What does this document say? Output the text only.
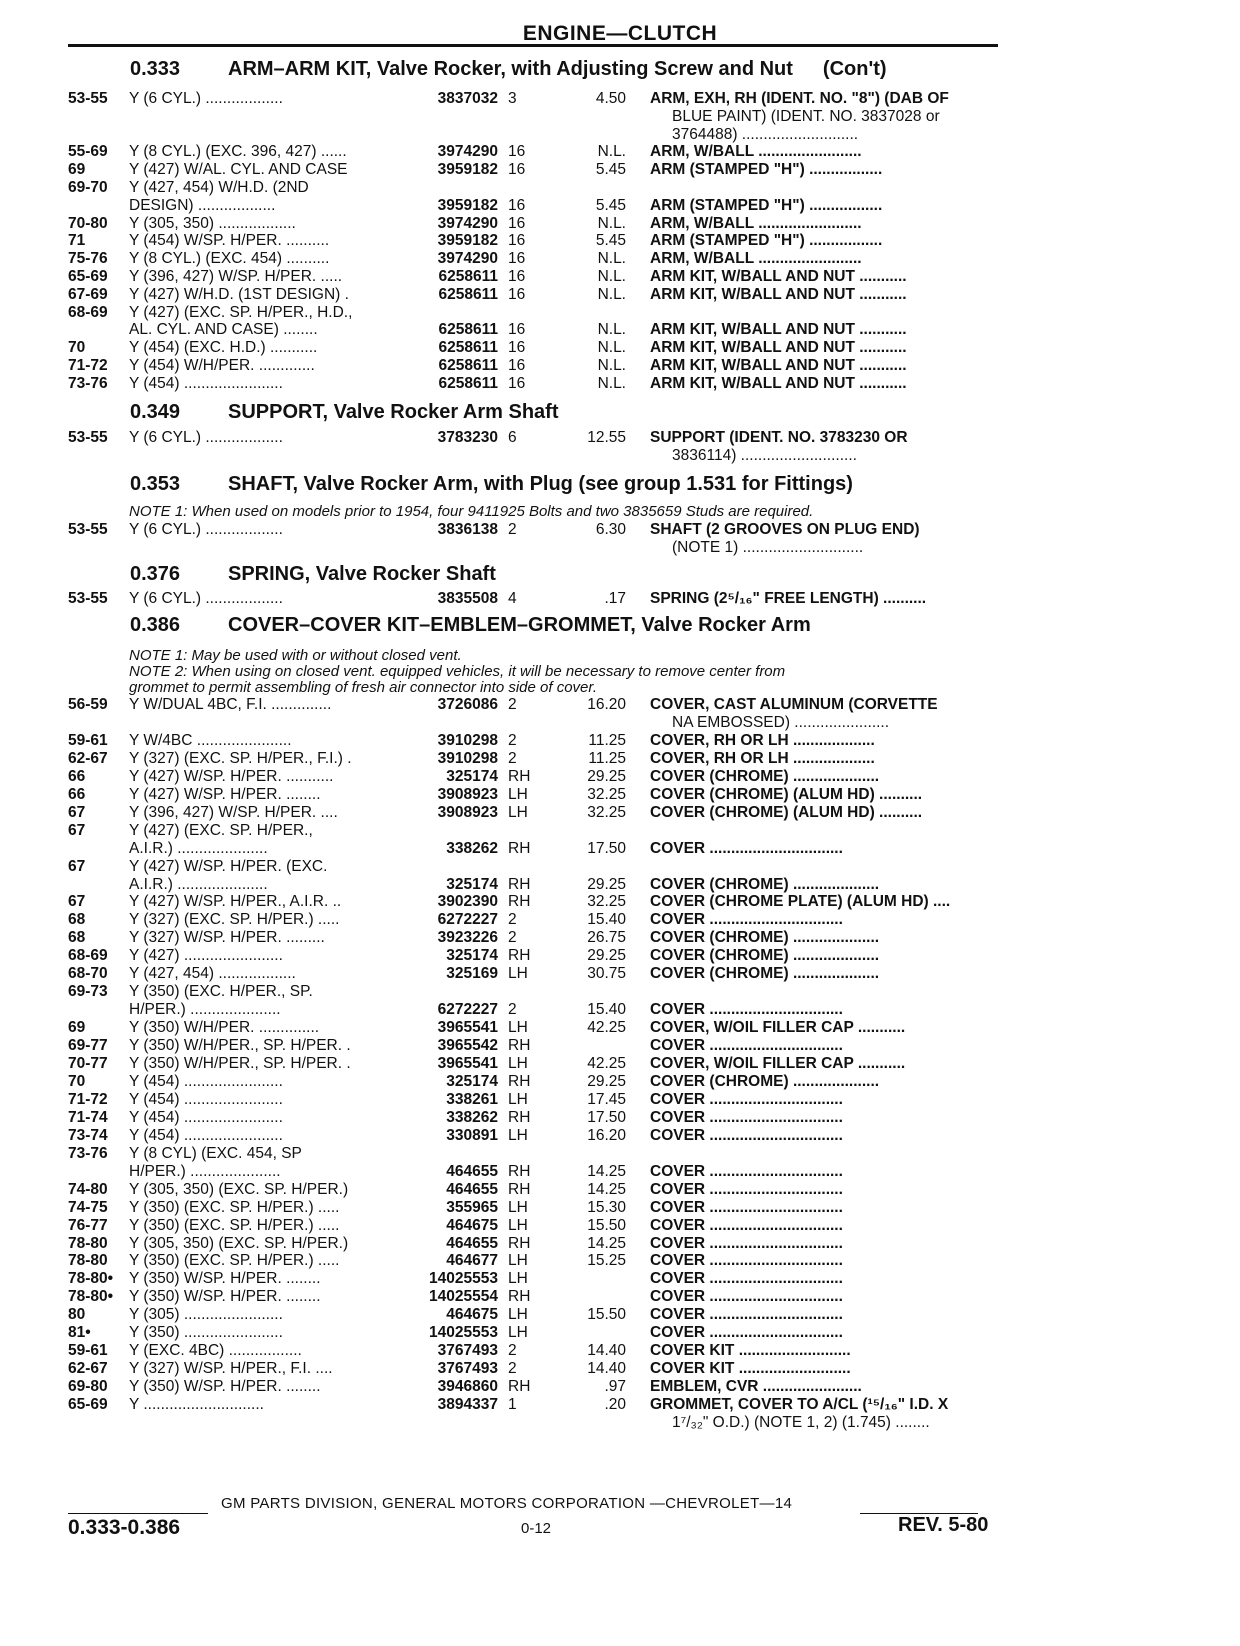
ENGINE—CLUTCH
0.333 ARM–ARM KIT, Valve Rocker, with Adjusting Screw and Nut (Con't)
53-55	Y (6 CYL.) ..................	3837032 3	4.50 ARM, EXH, RH (IDENT. NO. "8") (DAB OF
BLUE PAINT) (IDENT. NO. 3837028 or
3764488) ...........................
55-69	Y (8 CYL.) (EXC. 396, 427) ......	3974290 16	N.L. ARM, W/BALL ........................
69	Y (427) W/AL. CYL. AND CASE	3959182 16	5.45 ARM (STAMPED "H") .................
69-70	Y (427, 454) W/H.D. (2ND
DESIGN) ..................	3959182 16	5.45 ARM (STAMPED "H") .................
70-80	Y (305, 350) ..................	3974290 16	N.L. ARM, W/BALL ........................
71	Y (454) W/SP. H/PER. ..........	3959182 16	5.45 ARM (STAMPED "H") .................
75-76	Y (8 CYL.) (EXC. 454) ..........	3974290 16	N.L. ARM, W/BALL ........................
65-69	Y (396, 427) W/SP. H/PER. .....	6258611 16	N.L. ARM KIT, W/BALL AND NUT ...........
67-69	Y (427) W/H.D. (1ST DESIGN) .	6258611 16	N.L. ARM KIT, W/BALL AND NUT ...........
68-69	Y (427) (EXC. SP. H/PER., H.D.,
AL. CYL. AND CASE) ........	6258611 16	N.L. ARM KIT, W/BALL AND NUT ...........
70	Y (454) (EXC. H.D.) ...........	6258611 16	N.L. ARM KIT, W/BALL AND NUT ...........
71-72	Y (454) W/H/PER. .............	6258611 16	N.L. ARM KIT, W/BALL AND NUT ...........
73-76	Y (454) .......................	6258611 16	N.L. ARM KIT, W/BALL AND NUT ...........
0.349 SUPPORT, Valve Rocker Arm Shaft
53-55	Y (6 CYL.) ..................	3783230 6	12.55 SUPPORT (IDENT. NO. 3783230 OR
3836114) ...........................
0.353 SHAFT, Valve Rocker Arm, with Plug (see group 1.531 for Fittings)
NOTE 1: When used on models prior to 1954, four 9411925 Bolts and two 3835659 Studs are required.
53-55	Y (6 CYL.) ..................	3836138 2	6.30 SHAFT (2 GROOVES ON PLUG END)
(NOTE 1) ............................
0.376 SPRING, Valve Rocker Shaft
53-55	Y (6 CYL.) ..................	3835508 4	.17 SPRING (2⁵/₁₆" FREE LENGTH) ..........
0.386 COVER–COVER KIT–EMBLEM–GROMMET, Valve Rocker Arm
NOTE 1: May be used with or without closed vent.
NOTE 2: When using on closed vent. equipped vehicles, it will be necessary to remove center from
grommet to permit assembling of fresh air connector into side of cover.
56-59	Y W/DUAL 4BC, F.I. ..............	3726086 2	16.20 COVER, CAST ALUMINUM (CORVETTE
NA EMBOSSED) ......................
59-61	Y W/4BC ......................	3910298 2	11.25 COVER, RH OR LH ...................
62-67	Y (327) (EXC. SP. H/PER., F.I.) .	3910298 2	11.25 COVER, RH OR LH ...................
66	Y (427) W/SP. H/PER. ...........	325174 RH	29.25 COVER (CHROME) ....................
66	Y (427) W/SP. H/PER. ........	3908923 LH	32.25 COVER (CHROME) (ALUM HD) ..........
67	Y (396, 427) W/SP. H/PER. ....	3908923 LH	32.25 COVER (CHROME) (ALUM HD) ..........
67	Y (427) (EXC. SP. H/PER.,
A.I.R.) .....................	338262 RH	17.50 COVER ...............................
67	Y (427) W/SP. H/PER. (EXC.
A.I.R.) .....................	325174 RH	29.25 COVER (CHROME) ....................
67	Y (427) W/SP. H/PER., A.I.R. ..	3902390 RH	32.25 COVER (CHROME PLATE) (ALUM HD) ....
68	Y (327) (EXC. SP. H/PER.) .....	6272227 2	15.40 COVER ...............................
68	Y (327) W/SP. H/PER. .........	3923226 2	26.75 COVER (CHROME) ....................
68-69	Y (427) .......................	325174 RH	29.25 COVER (CHROME) ....................
68-70	Y (427, 454) ..................	325169 LH	30.75 COVER (CHROME) ....................
69-73	Y (350) (EXC. H/PER., SP.
H/PER.) .....................	6272227 2	15.40 COVER ...............................
69	Y (350) W/H/PER. ..............	3965541 LH	42.25 COVER, W/OIL FILLER CAP ...........
69-77	Y (350) W/H/PER., SP. H/PER. .	3965542 RH	COVER ...............................
70-77	Y (350) W/H/PER., SP. H/PER. .	3965541 LH	42.25 COVER, W/OIL FILLER CAP ...........
70	Y (454) .......................	325174 RH	29.25 COVER (CHROME) ....................
71-72	Y (454) .......................	338261 LH	17.45 COVER ...............................
71-74	Y (454) .......................	338262 RH	17.50 COVER ...............................
73-74	Y (454) .......................	330891 LH	16.20 COVER ...............................
73-76	Y (8 CYL) (EXC. 454, SP
H/PER.) .....................	464655 RH	14.25 COVER ...............................
74-80	Y (305, 350) (EXC. SP. H/PER.)	464655 RH	14.25 COVER ...............................
74-75	Y (350) (EXC. SP. H/PER.) .....	355965 LH	15.30 COVER ...............................
76-77	Y (350) (EXC. SP. H/PER.) .....	464675 LH	15.50 COVER ...............................
78-80	Y (305, 350) (EXC. SP. H/PER.)	464655 RH	14.25 COVER ...............................
78-80	Y (350) (EXC. SP. H/PER.) .....	464677 LH	15.25 COVER ...............................
78-80•	Y (350) W/SP. H/PER. ........	14025553 LH	COVER ...............................
78-80•	Y (350) W/SP. H/PER. ........	14025554 RH	COVER ...............................
80	Y (305) .......................	464675 LH	15.50 COVER ...............................
81•	Y (350) .......................	14025553 LH	COVER ...............................
59-61	Y (EXC. 4BC) .................	3767493 2	14.40 COVER KIT ..........................
62-67	Y (327) W/SP. H/PER., F.I. ....	3767493 2	14.40 COVER KIT ..........................
69-80	Y (350) W/SP. H/PER. ........	3946860 RH	.97 EMBLEM, CVR .......................
65-69	Y ............................	3894337 1	.20 GROMMET, COVER TO A/CL (¹⁵/₁₆" I.D. X
1⁷/₃₂" O.D.) (NOTE 1, 2) (1.745) ........
GM PARTS DIVISION, GENERAL MOTORS CORPORATION —CHEVROLET—14
0.333-0.386	0-12	REV. 5-80
